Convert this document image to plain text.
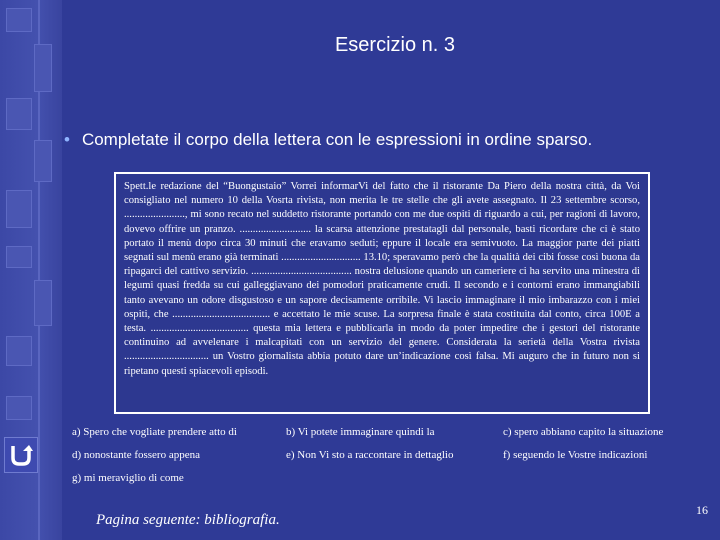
Esercizio n. 3
• Completate il corpo della lettera con le espressioni in ordine sparso.
Spett.le redazione del “Buongustaio” Vorrei informarVi del fatto che il ristorante Da Piero della nostra città, da Voi consigliato nel numero 10 della Vosrta rivista, non merita le tre stelle che gli avete assegnato. Il 23 settembre scorso, ......................., mi sono recato nel suddetto ristorante portando con me due ospiti di riguardo a cui, per ragioni di lavoro, dovevo offrire un pranzo. ........................... la scarsa attenzione prestatagli dal personale, basti ricordare che ci è stato portato il menù dopo circa 30 minuti che eravamo seduti; eppure il locale era semivuoto. La maggior parte dei piatti segnati sul menù erano già terminati .............................. 13.10; speravamo però che la qualità dei cibi fosse così buona da ripagarci del cattivo servizio. ...................................... nostra delusione quando un cameriere ci ha servito una minestra di legumi quasi fredda su cui galleggiavano dei pomodori praticamente crudi. Il secondo e i contorni erano immangiabili tanto avevano un odore disgustoso e un sapore decisamente orribile. Vi lascio immaginare il mio imbarazzo con i miei ospiti, che ..................................... e accettato le mie scuse. La sorpresa finale è stata costituita dal conto, circa 100E a testa. ..................................... questa mia lettera e pubblicarla in modo da poter impedire che i gestori del ristorante continuino ad avvelenare i malcapitati con un servizio del genere. Considerata la serietà della Vostra rivista ................................ un Vostro giornalista abbia potuto dare un’indicazione così falsa. Mi auguro che in futuro non si ripetano questi spiacevoli episodi.
a) Spero che vogliate prendere atto di	b) Vi potete immaginare quindi la	c) spero abbiano capito la situazione
d) nonostante fossero appena	e) Non Vi sto a raccontare in dettaglio	f) seguendo le Vostre indicazioni
g) mi meraviglio di come
Pagina seguente: bibliografia.
16
